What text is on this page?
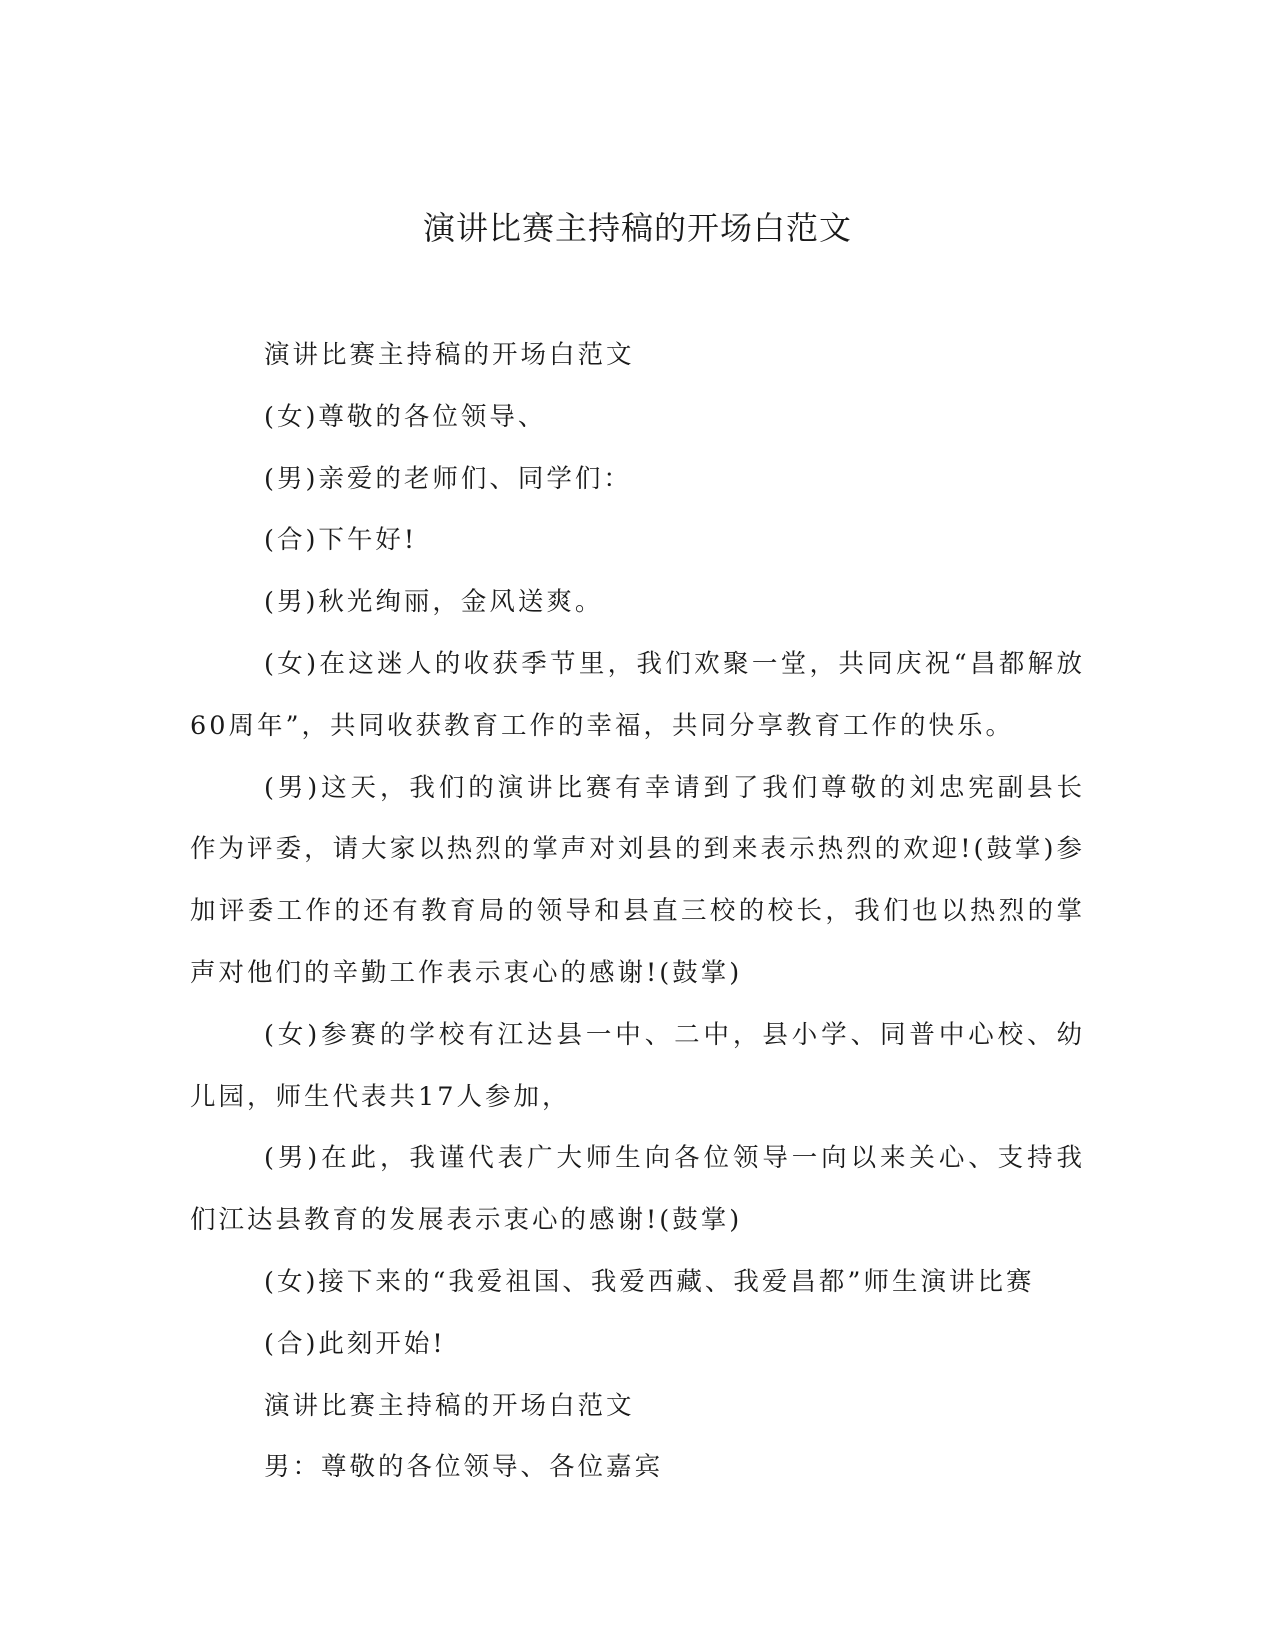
演讲比赛主持稿的开场白范文

演讲比赛主持稿的开场白范文

(女)尊敬的各位领导、

(男)亲爱的老师们、同学们：

(合)下午好!

(男)秋光绚丽，金风送爽。

(女)在这迷人的收获季节里，我们欢聚一堂，共同庆祝“昌都解放60周年”，共同收获教育工作的幸福，共同分享教育工作的快乐。

(男)这天，我们的演讲比赛有幸请到了我们尊敬的刘忠宪副县长作为评委，请大家以热烈的掌声对刘县的到来表示热烈的欢迎!(鼓掌)参加评委工作的还有教育局的领导和县直三校的校长，我们也以热烈的掌声对他们的辛勤工作表示衷心的感谢!(鼓掌)

(女)参赛的学校有江达县一中、二中，县小学、同普中心校、幼儿园，师生代表共17人参加，

(男)在此，我谨代表广大师生向各位领导一向以来关心、支持我们江达县教育的发展表示衷心的感谢!(鼓掌)

(女)接下来的“我爱祖国、我爱西藏、我爱昌都”师生演讲比赛

(合)此刻开始!

演讲比赛主持稿的开场白范文

男：尊敬的各位领导、各位嘉宾
